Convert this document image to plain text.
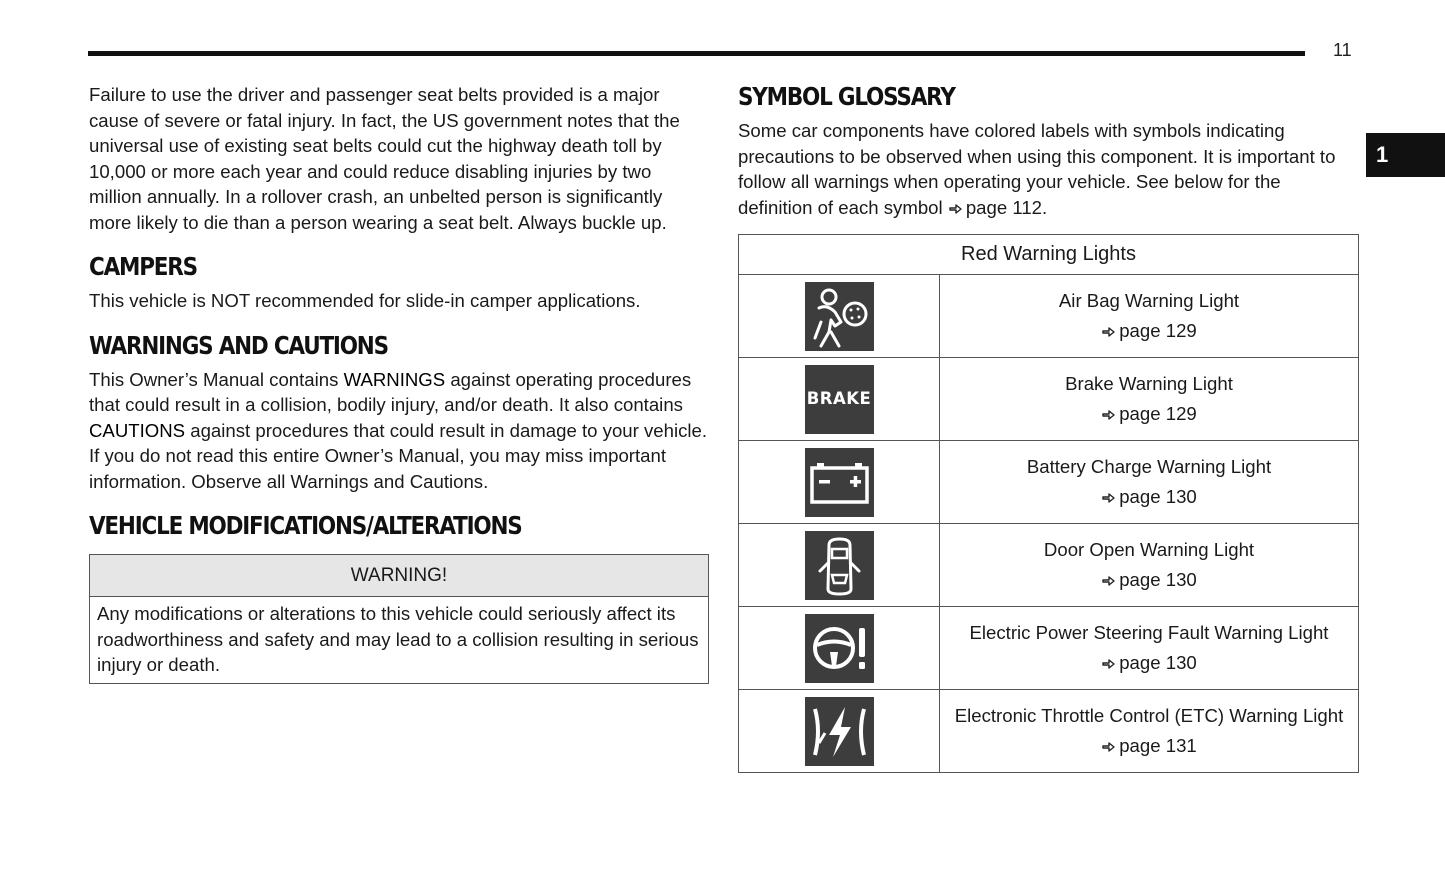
11
1

Failure to use the driver and passenger seat belts provided is a major cause of severe or fatal injury. In fact, the US government notes that the universal use of existing seat belts could cut the highway death toll by 10,000 or more each year and could reduce disabling injuries by two million annually. In a rollover crash, an unbelted person is significantly more likely to die than a person wearing a seat belt. Always buckle up.

CAMPERS

This vehicle is NOT recommended for slide-in camper applications.

WARNINGS AND CAUTIONS

This Owner’s Manual contains WARNINGS against operating procedures that could result in a collision, bodily injury, and/or death. It also contains CAUTIONS against procedures that could result in damage to your vehicle. If you do not read this entire Owner’s Manual, you may miss important information. Observe all Warnings and Cautions.

VEHICLE MODIFICATIONS/ALTERATIONS
WARNING!
Any modifications or alterations to this vehicle could seriously affect its roadworthiness and safety and may lead to a collision resulting in serious injury or death.
SYMBOL GLOSSARY

Some car components have colored labels with symbols indicating precautions to be observed when using this component. It is important to follow all warnings when operating your vehicle. See below for the definition of each symbol page 112.

Red Warning Lights	

Air Bag Warning Light
page 129

BRAKE	Brake Warning Light
page 129

Battery Charge Warning Light
page 130

Door Open Warning Light
page 130

Electric Power Steering Fault Warning Light
page 130

Electronic Throttle Control (ETC) Warning Light
page 131
